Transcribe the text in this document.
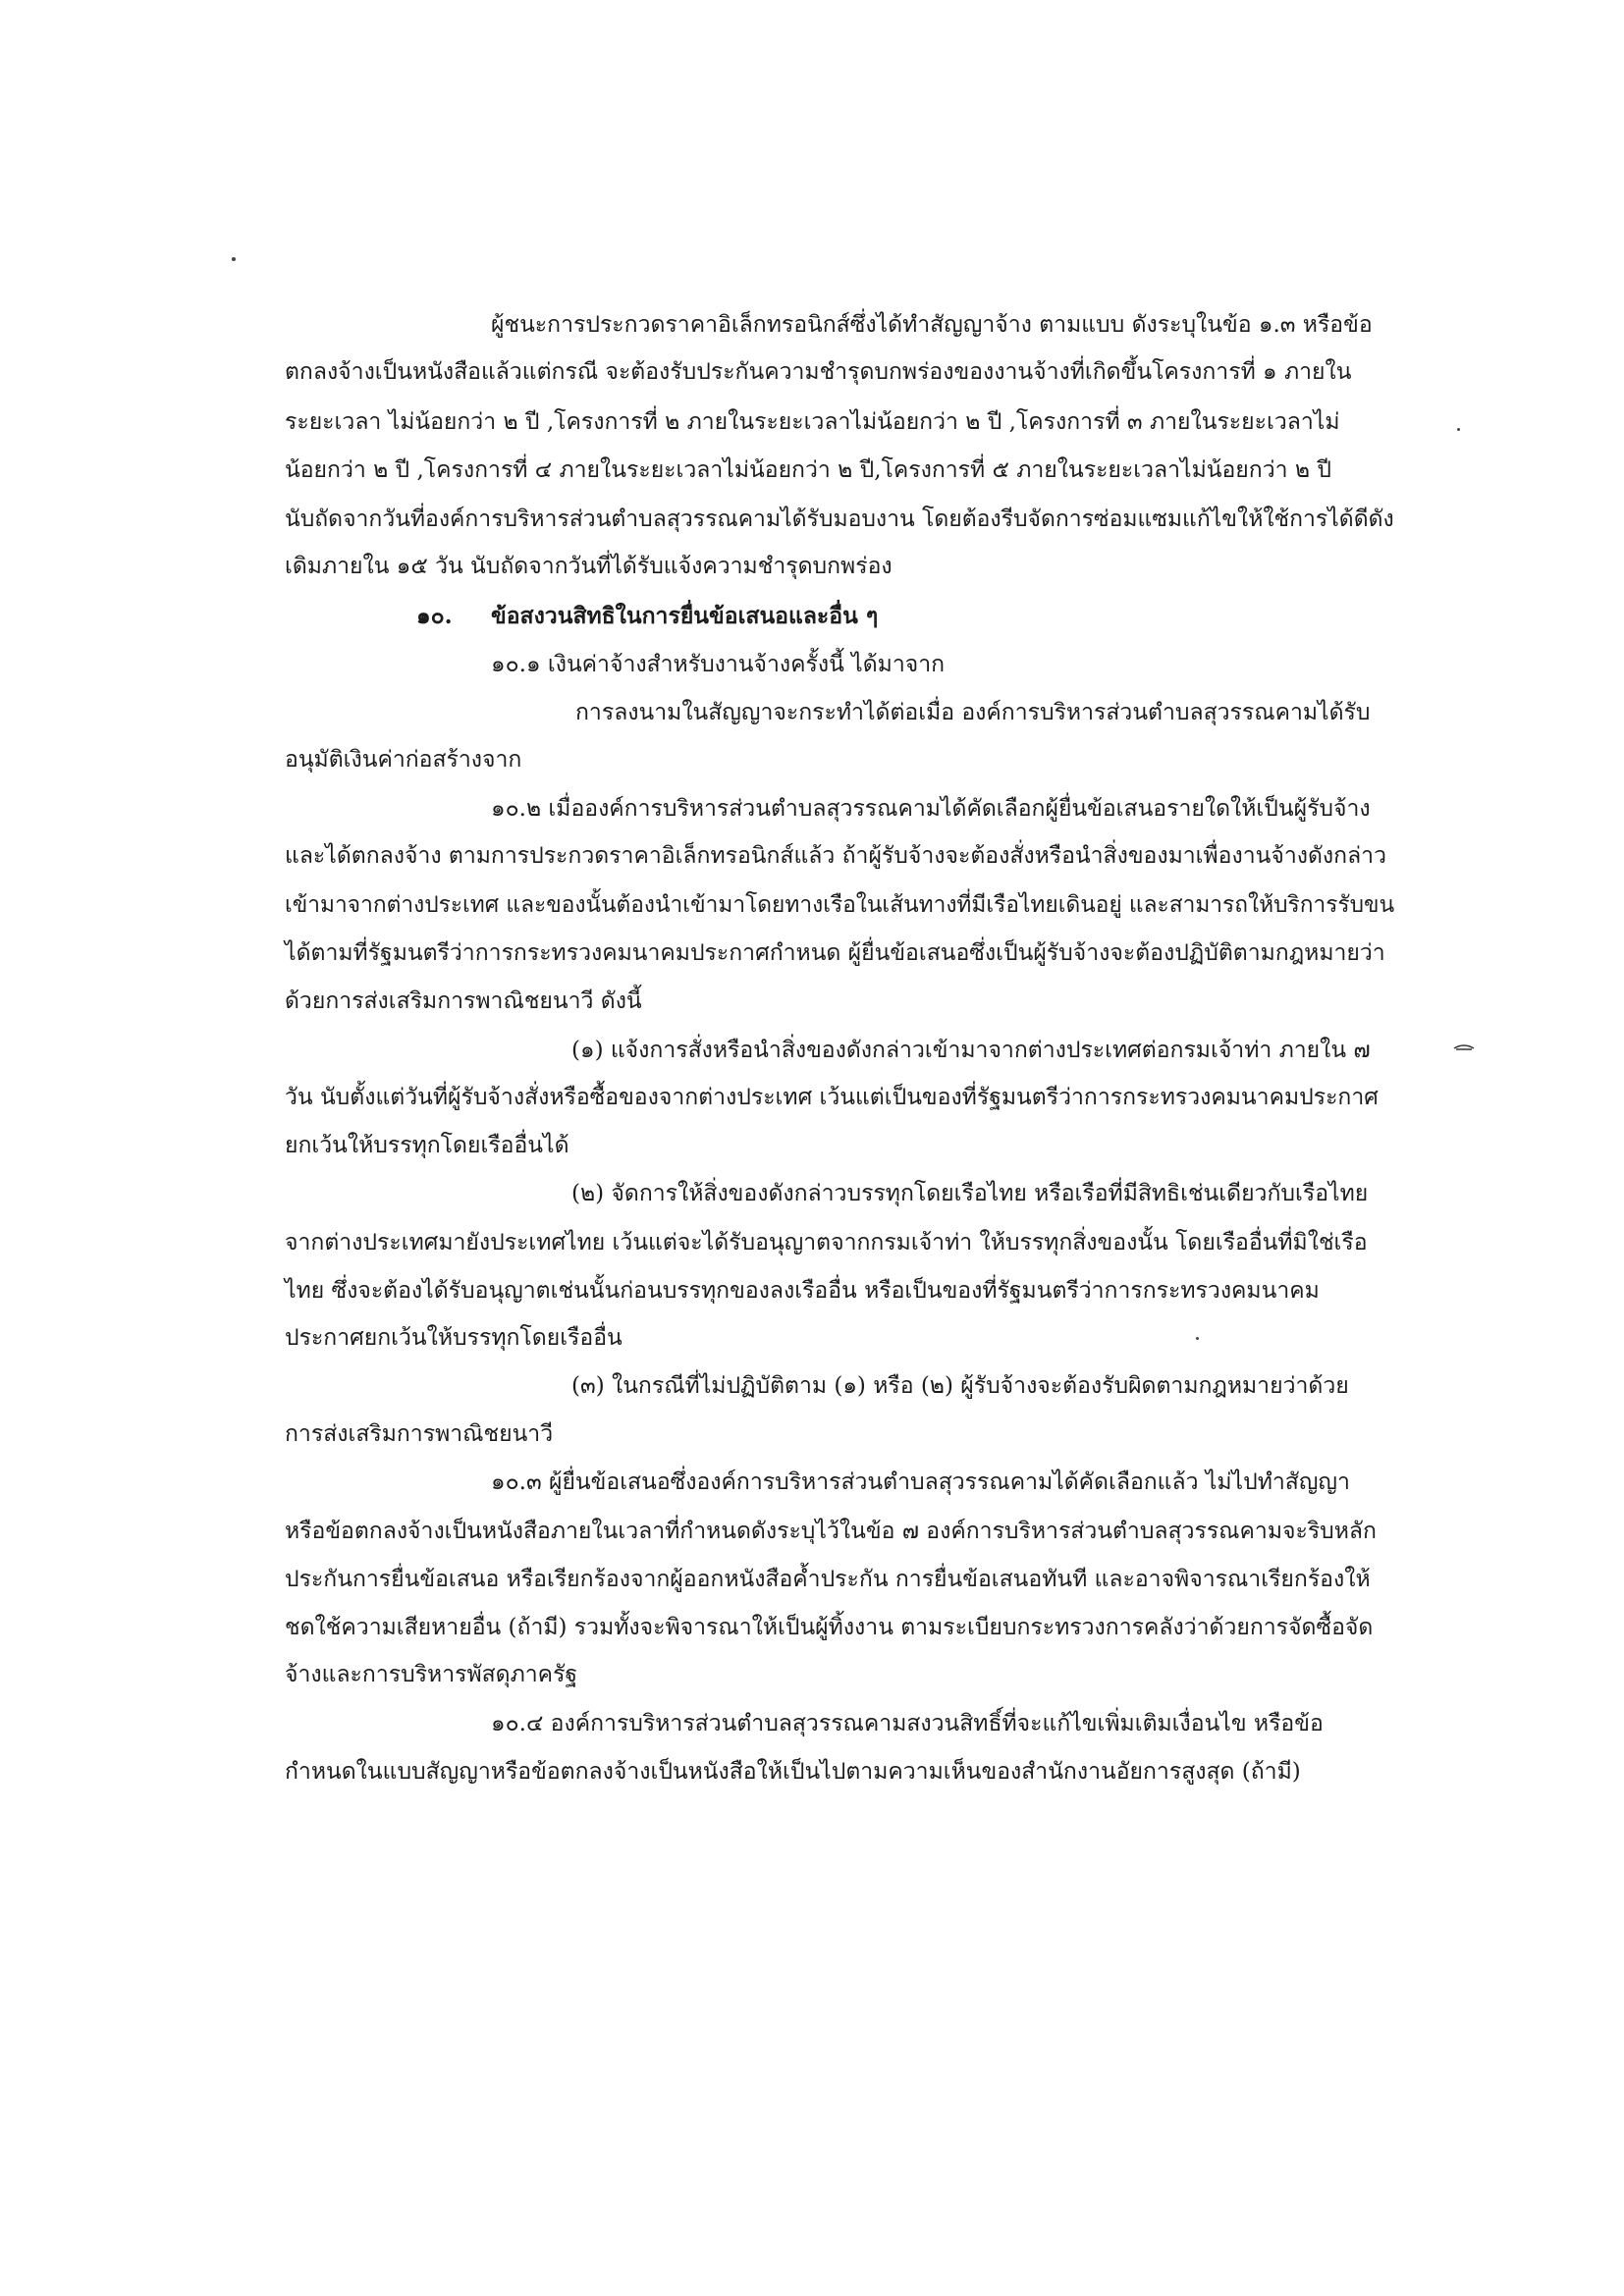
ผู้ชนะการประกวดราคาอิเล็กทรอนิกส์ซึ่งได้ทำสัญญาจ้าง ตามแบบ ดังระบุในข้อ ๑.๓ หรือข้อ
ตกลงจ้างเป็นหนังสือแล้วแต่กรณี จะต้องรับประกันความชำรุดบกพร่องของงานจ้างที่เกิดขึ้นโครงการที่ ๑ ภายใน
ระยะเวลา ไม่น้อยกว่า ๒ ปี ,โครงการที่ ๒ ภายในระยะเวลาไม่น้อยกว่า ๒ ปี ,โครงการที่ ๓ ภายในระยะเวลาไม่
น้อยกว่า ๒ ปี ,โครงการที่ ๔ ภายในระยะเวลาไม่น้อยกว่า ๒ ปี,โครงการที่ ๕ ภายในระยะเวลาไม่น้อยกว่า ๒ ปี
นับถัดจากวันที่องค์การบริหารส่วนตำบลสุวรรณคามได้รับมอบงาน โดยต้องรีบจัดการซ่อมแซมแก้ไขให้ใช้การได้ดีดัง
เดิมภายใน ๑๕ วัน นับถัดจากวันที่ได้รับแจ้งความชำรุดบกพร่อง
๑๐. ข้อสงวนสิทธิในการยื่นข้อเสนอและอื่น ๆ
๑๐.๑ เงินค่าจ้างสำหรับงานจ้างครั้งนี้ ได้มาจาก
การลงนามในสัญญาจะกระทำได้ต่อเมื่อ องค์การบริหารส่วนตำบลสุวรรณคามได้รับ
อนุมัติเงินค่าก่อสร้างจาก
๑๐.๒ เมื่อองค์การบริหารส่วนตำบลสุวรรณคามได้คัดเลือกผู้ยื่นข้อเสนอรายใดให้เป็นผู้รับจ้าง
และได้ตกลงจ้าง ตามการประกวดราคาอิเล็กทรอนิกส์แล้ว ถ้าผู้รับจ้างจะต้องสั่งหรือนำสิ่งของมาเพื่องานจ้างดังกล่าว
เข้ามาจากต่างประเทศ และของนั้นต้องนำเข้ามาโดยทางเรือในเส้นทางที่มีเรือไทยเดินอยู่ และสามารถให้บริการรับขน
ได้ตามที่รัฐมนตรีว่าการกระทรวงคมนาคมประกาศกำหนด ผู้ยื่นข้อเสนอซึ่งเป็นผู้รับจ้างจะต้องปฏิบัติตามกฎหมายว่า
ด้วยการส่งเสริมการพาณิชยนาวี ดังนี้
(๑) แจ้งการสั่งหรือนำสิ่งของดังกล่าวเข้ามาจากต่างประเทศต่อกรมเจ้าท่า ภายใน ๗
วัน นับตั้งแต่วันที่ผู้รับจ้างสั่งหรือซื้อของจากต่างประเทศ เว้นแต่เป็นของที่รัฐมนตรีว่าการกระทรวงคมนาคมประกาศ
ยกเว้นให้บรรทุกโดยเรืออื่นได้
(๒) จัดการให้สิ่งของดังกล่าวบรรทุกโดยเรือไทย หรือเรือที่มีสิทธิเช่นเดียวกับเรือไทย
จากต่างประเทศมายังประเทศไทย เว้นแต่จะได้รับอนุญาตจากกรมเจ้าท่า ให้บรรทุกสิ่งของนั้น โดยเรืออื่นที่มิใช่เรือ
ไทย ซึ่งจะต้องได้รับอนุญาตเช่นนั้นก่อนบรรทุกของลงเรืออื่น หรือเป็นของที่รัฐมนตรีว่าการกระทรวงคมนาคม
ประกาศยกเว้นให้บรรทุกโดยเรืออื่น
(๓) ในกรณีที่ไม่ปฏิบัติตาม (๑) หรือ (๒) ผู้รับจ้างจะต้องรับผิดตามกฎหมายว่าด้วย
การส่งเสริมการพาณิชยนาวี
๑๐.๓ ผู้ยื่นข้อเสนอซึ่งองค์การบริหารส่วนตำบลสุวรรณคามได้คัดเลือกแล้ว ไม่ไปทำสัญญา
หรือข้อตกลงจ้างเป็นหนังสือภายในเวลาที่กำหนดดังระบุไว้ในข้อ ๗ องค์การบริหารส่วนตำบลสุวรรณคามจะริบหลัก
ประกันการยื่นข้อเสนอ หรือเรียกร้องจากผู้ออกหนังสือค้ำประกัน การยื่นข้อเสนอทันที และอาจพิจารณาเรียกร้องให้
ชดใช้ความเสียหายอื่น (ถ้ามี) รวมทั้งจะพิจารณาให้เป็นผู้ทิ้งงาน ตามระเบียบกระทรวงการคลังว่าด้วยการจัดซื้อจัด
จ้างและการบริหารพัสดุภาครัฐ
๑๐.๔ องค์การบริหารส่วนตำบลสุวรรณคามสงวนสิทธิ์ที่จะแก้ไขเพิ่มเติมเงื่อนไข หรือข้อ
กำหนดในแบบสัญญาหรือข้อตกลงจ้างเป็นหนังสือให้เป็นไปตามความเห็นของสำนักงานอัยการสูงสุด (ถ้ามี)
